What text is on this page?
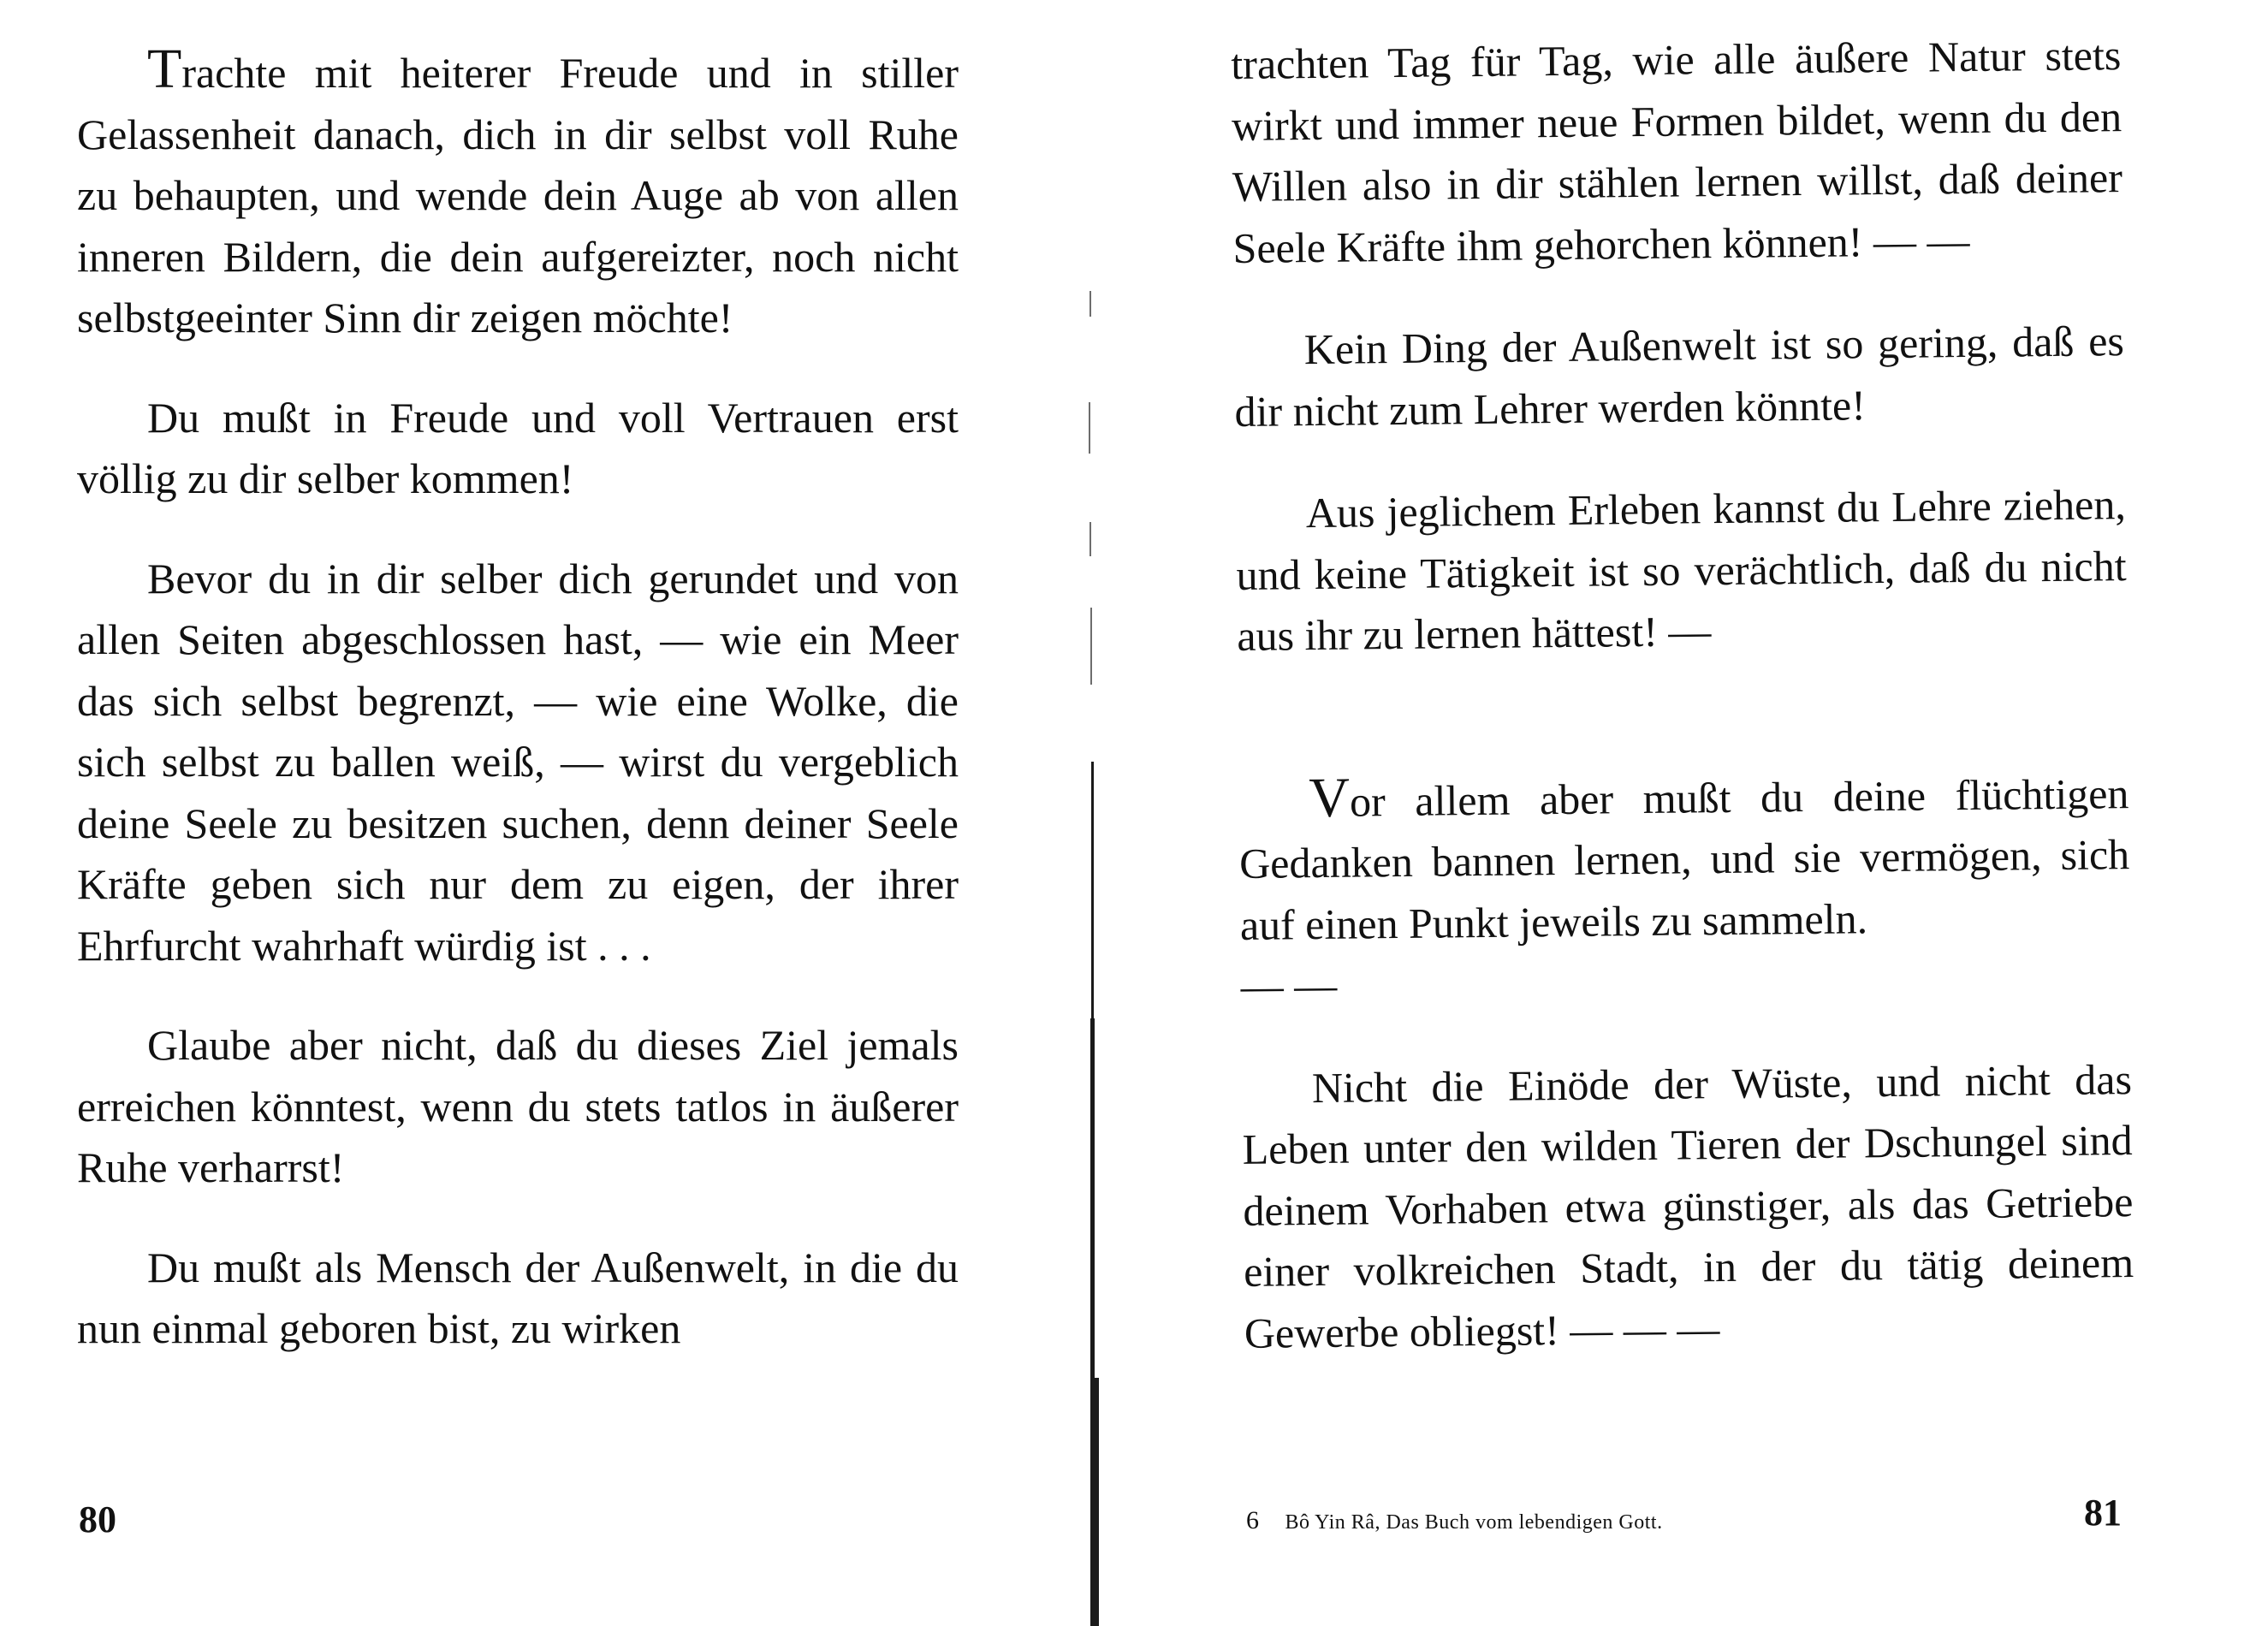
Trachte mit heiterer Freude und in stiller Gelassenheit danach, dich in dir selbst voll Ruhe zu behaupten, und wende dein Auge ab von allen inneren Bildern, die dein aufgereizter, noch nicht selbstgeeinter Sinn dir zeigen möchte!

Du mußt in Freude und voll Vertrauen erst völlig zu dir selber kommen!

Bevor du in dir selber dich gerundet und von allen Seiten abgeschlossen hast, — wie ein Meer das sich selbst begrenzt, — wie eine Wolke, die sich selbst zu ballen weiß, — wirst du vergeblich deine Seele zu besitzen suchen, denn deiner Seele Kräfte geben sich nur dem zu eigen, der ihrer Ehrfurcht wahrhaft würdig ist . . .

Glaube aber nicht, daß du dieses Ziel jemals erreichen könntest, wenn du stets tatlos in äußerer Ruhe verharrst!

Du mußt als Mensch der Außenwelt, in die du nun einmal geboren bist, zu wirken

80

trachten Tag für Tag, wie alle äußere Natur stets wirkt und immer neue Formen bildet, wenn du den Willen also in dir stählen lernen willst, daß deiner Seele Kräfte ihm gehorchen können! — —

Kein Ding der Außenwelt ist so gering, daß es dir nicht zum Lehrer werden könnte!

Aus jeglichem Erleben kannst du Lehre ziehen, und keine Tätigkeit ist so verächtlich, daß du nicht aus ihr zu lernen hättest! —

Vor allem aber mußt du deine flüchtigen Gedanken bannen lernen, und sie vermögen, sich auf einen Punkt jeweils zu sammeln.
— —

Nicht die Einöde der Wüste, und nicht das Leben unter den wilden Tieren der Dschungel sind deinem Vorhaben etwa günstiger, als das Getriebe einer volkreichen Stadt, in der du tätig deinem Gewerbe obliegst! — — —

6 Bô Yin Râ, Das Buch vom lebendigen Gott.	81
